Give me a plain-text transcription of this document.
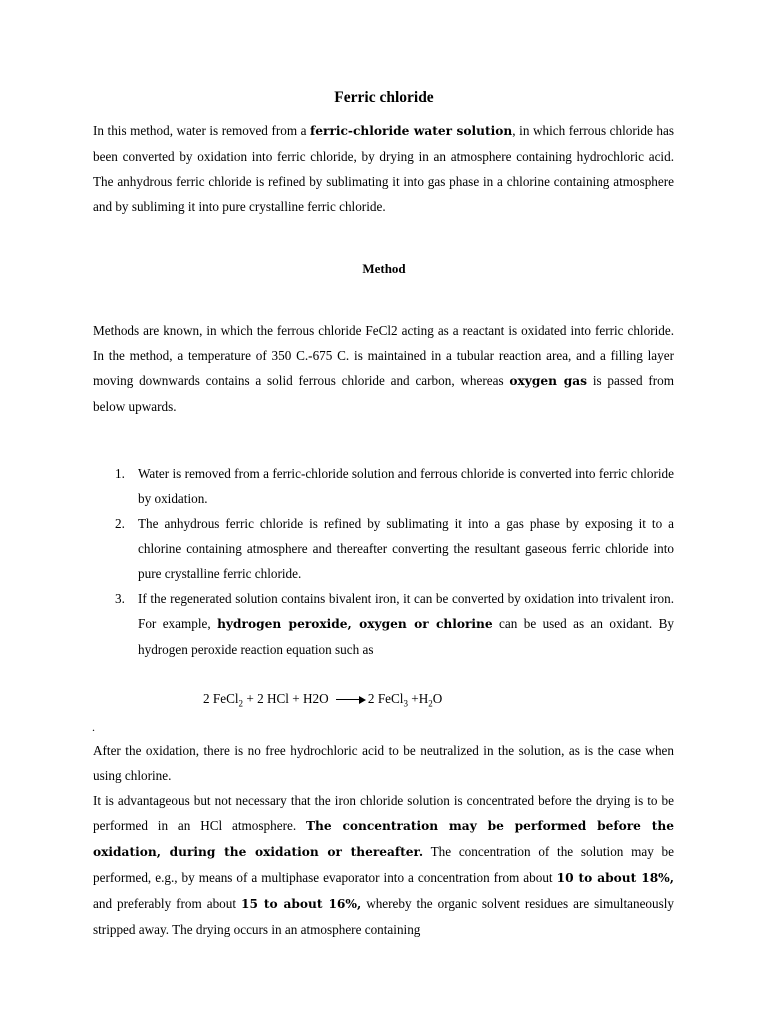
Ferric chloride

In this method, water is removed from a ferric-chloride water solution, in which ferrous chloride has been converted by oxidation into ferric chloride, by drying in an atmosphere containing hydrochloric acid. The anhydrous ferric chloride is refined by sublimating it into gas phase in a chlorine containing atmosphere and by subliming it into pure crystalline ferric chloride.

Method

Methods are known, in which the ferrous chloride FeCl2 acting as a reactant is oxidated into ferric chloride. In the method, a temperature of 350 C.-675 C. is maintained in a tubular reaction area, and a filling layer moving downwards contains a solid ferrous chloride and carbon, whereas oxygen gas is passed from below upwards.

1. Water is removed from a ferric-chloride solution and ferrous chloride is converted into ferric chloride by oxidation.
2. The anhydrous ferric chloride is refined by sublimating it into a gas phase by exposing it to a chlorine containing atmosphere and thereafter converting the resultant gaseous ferric chloride into pure crystalline ferric chloride.
3. If the regenerated solution contains bivalent iron, it can be converted by oxidation into trivalent iron. For example, hydrogen peroxide, oxygen or chlorine can be used as an oxidant. By hydrogen peroxide reaction equation such as
2 FeCl$_2$ + 2 HCl + H2O	2 FeCl$_3$ $+H_2O$
.

After the oxidation, there is no free hydrochloric acid to be neutralized in the solution, as is the case when using chlorine.

It is advantageous but not necessary that the iron chloride solution is concentrated before the drying is to be performed in an HCl atmosphere. The concentration may be performed before the oxidation, during the oxidation or thereafter. The concentration of the solution may be performed, e.g., by means of a multiphase evaporator into a concentration from about 10 to about 18%, and preferably from about 15 to about 16%, whereby the organic solvent residues are simultaneously stripped away. The drying occurs in an atmosphere containing
